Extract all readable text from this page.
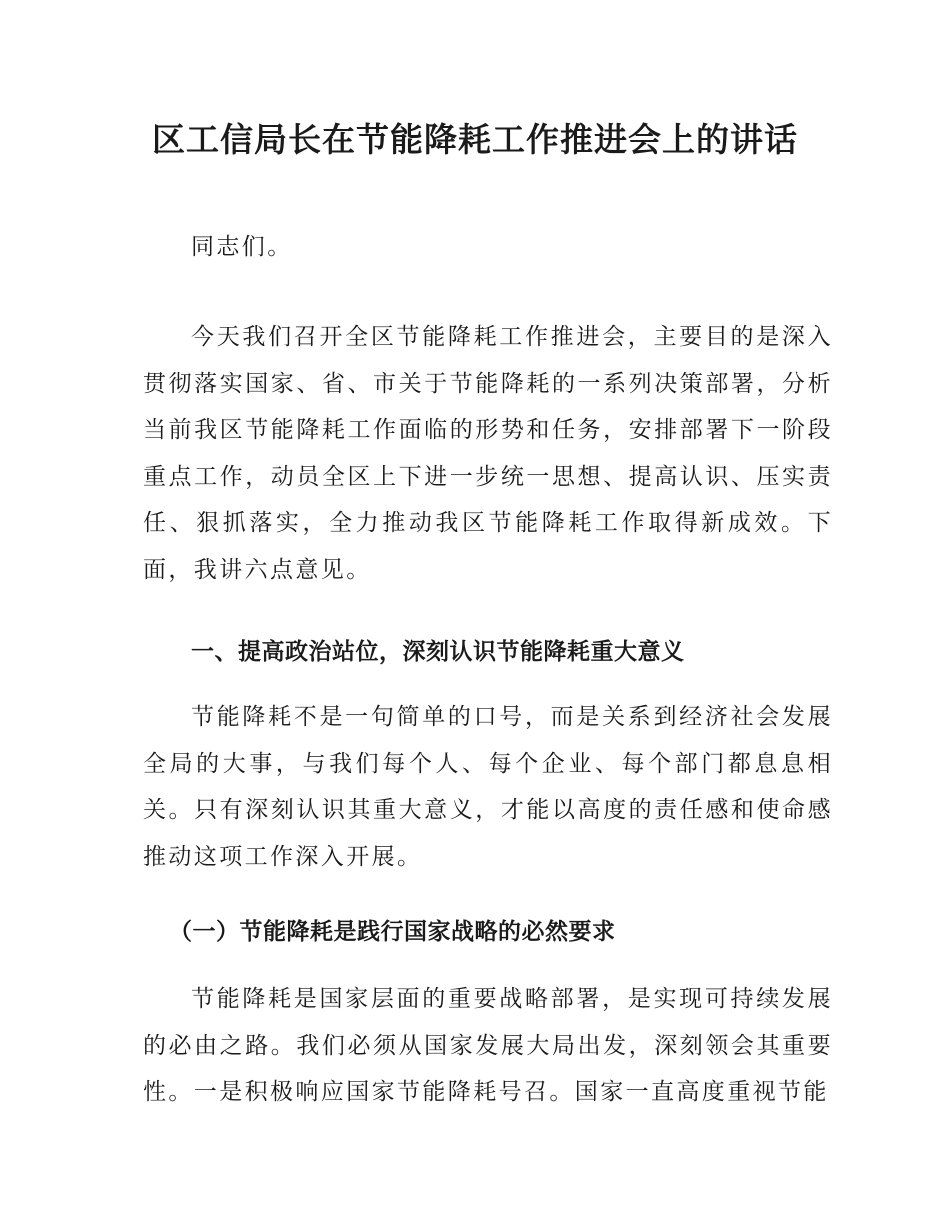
区工信局长在节能降耗工作推进会上的讲话

同志们。

今天我们召开全区节能降耗工作推进会，主要目的是深入贯彻落实国家、省、市关于节能降耗的一系列决策部署，分析当前我区节能降耗工作面临的形势和任务，安排部署下一阶段重点工作，动员全区上下进一步统一思想、提高认识、压实责任、狠抓落实，全力推动我区节能降耗工作取得新成效。下面，我讲六点意见。

一、提高政治站位，深刻认识节能降耗重大意义

节能降耗不是一句简单的口号，而是关系到经济社会发展全局的大事，与我们每个人、每个企业、每个部门都息息相关。只有深刻认识其重大意义，才能以高度的责任感和使命感推动这项工作深入开展。

（一）节能降耗是践行国家战略的必然要求

节能降耗是国家层面的重要战略部署，是实现可持续发展的必由之路。我们必须从国家发展大局出发，深刻领会其重要性。一是积极响应国家节能降耗号召。国家一直高度重视节能
